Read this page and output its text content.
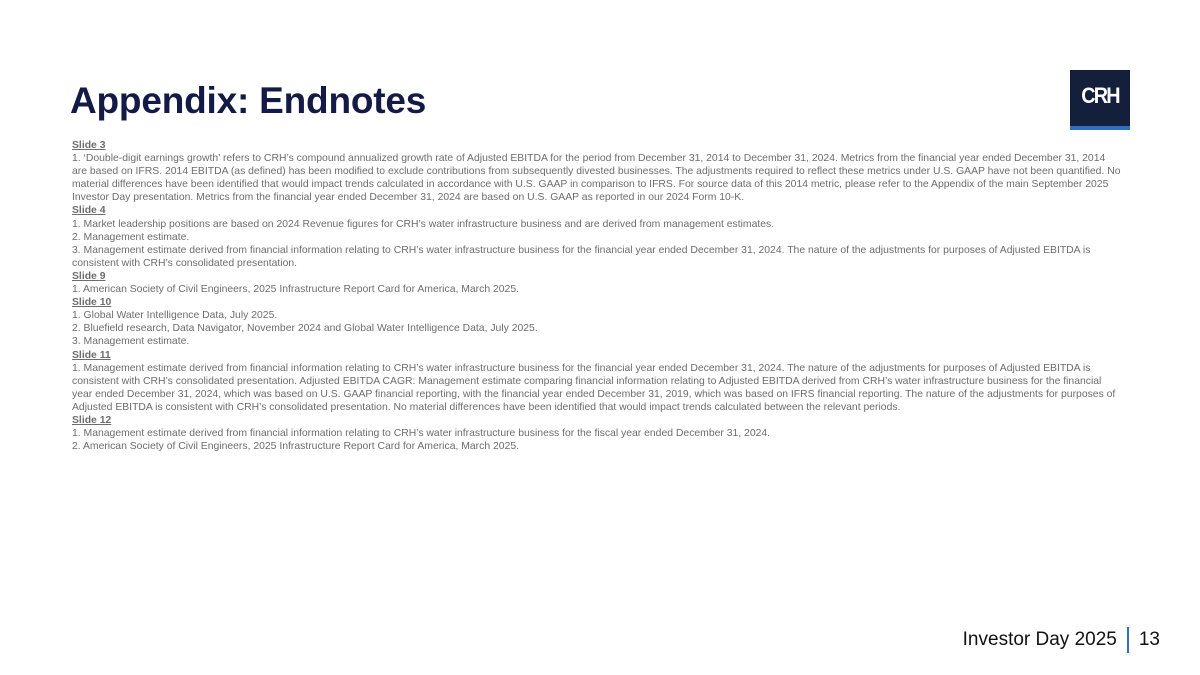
Appendix: Endnotes	CRH
Slide 3

1. ‘Double-digit earnings growth’ refers to CRH’s compound annualized growth rate of Adjusted EBITDA for the period from December 31, 2014 to December 31, 2024. Metrics from the financial year ended December 31, 2014 are based on IFRS. 2014 EBITDA (as defined) has been modified to exclude contributions from subsequently divested businesses. The adjustments required to reflect these metrics under U.S. GAAP have not been quantified. No material differences have been identified that would impact trends calculated in accordance with U.S. GAAP in comparison to IFRS. For source data of this 2014 metric, please refer to the Appendix of the main September 2025 Investor Day presentation. Metrics from the financial year ended December 31, 2024 are based on U.S. GAAP as reported in our 2024 Form 10-K.

Slide 4

1. Market leadership positions are based on 2024 Revenue figures for CRH’s water infrastructure business and are derived from management estimates.

2. Management estimate.

3. Management estimate derived from financial information relating to CRH’s water infrastructure business for the financial year ended December 31, 2024. The nature of the adjustments for purposes of Adjusted EBITDA is consistent with CRH’s consolidated presentation.

Slide 9

1. American Society of Civil Engineers, 2025 Infrastructure Report Card for America, March 2025.

Slide 10

1. Global Water Intelligence Data, July 2025.

2. Bluefield research, Data Navigator, November 2024 and Global Water Intelligence Data, July 2025.

3. Management estimate.

Slide 11

1. Management estimate derived from financial information relating to CRH’s water infrastructure business for the financial year ended December 31, 2024. The nature of the adjustments for purposes of Adjusted EBITDA is consistent with CRH’s consolidated presentation. Adjusted EBITDA CAGR: Management estimate comparing financial information relating to Adjusted EBITDA derived from CRH’s water infrastructure business for the financial year ended December 31, 2024, which was based on U.S. GAAP financial reporting, with the financial year ended December 31, 2019, which was based on IFRS financial reporting. The nature of the adjustments for purposes of Adjusted EBITDA is consistent with CRH’s consolidated presentation. No material differences have been identified that would impact trends calculated between the relevant periods.

Slide 12

1. Management estimate derived from financial information relating to CRH’s water infrastructure business for the fiscal year ended December 31, 2024.

2. American Society of Civil Engineers, 2025 Infrastructure Report Card for America, March 2025.

Investor Day 2025 13
